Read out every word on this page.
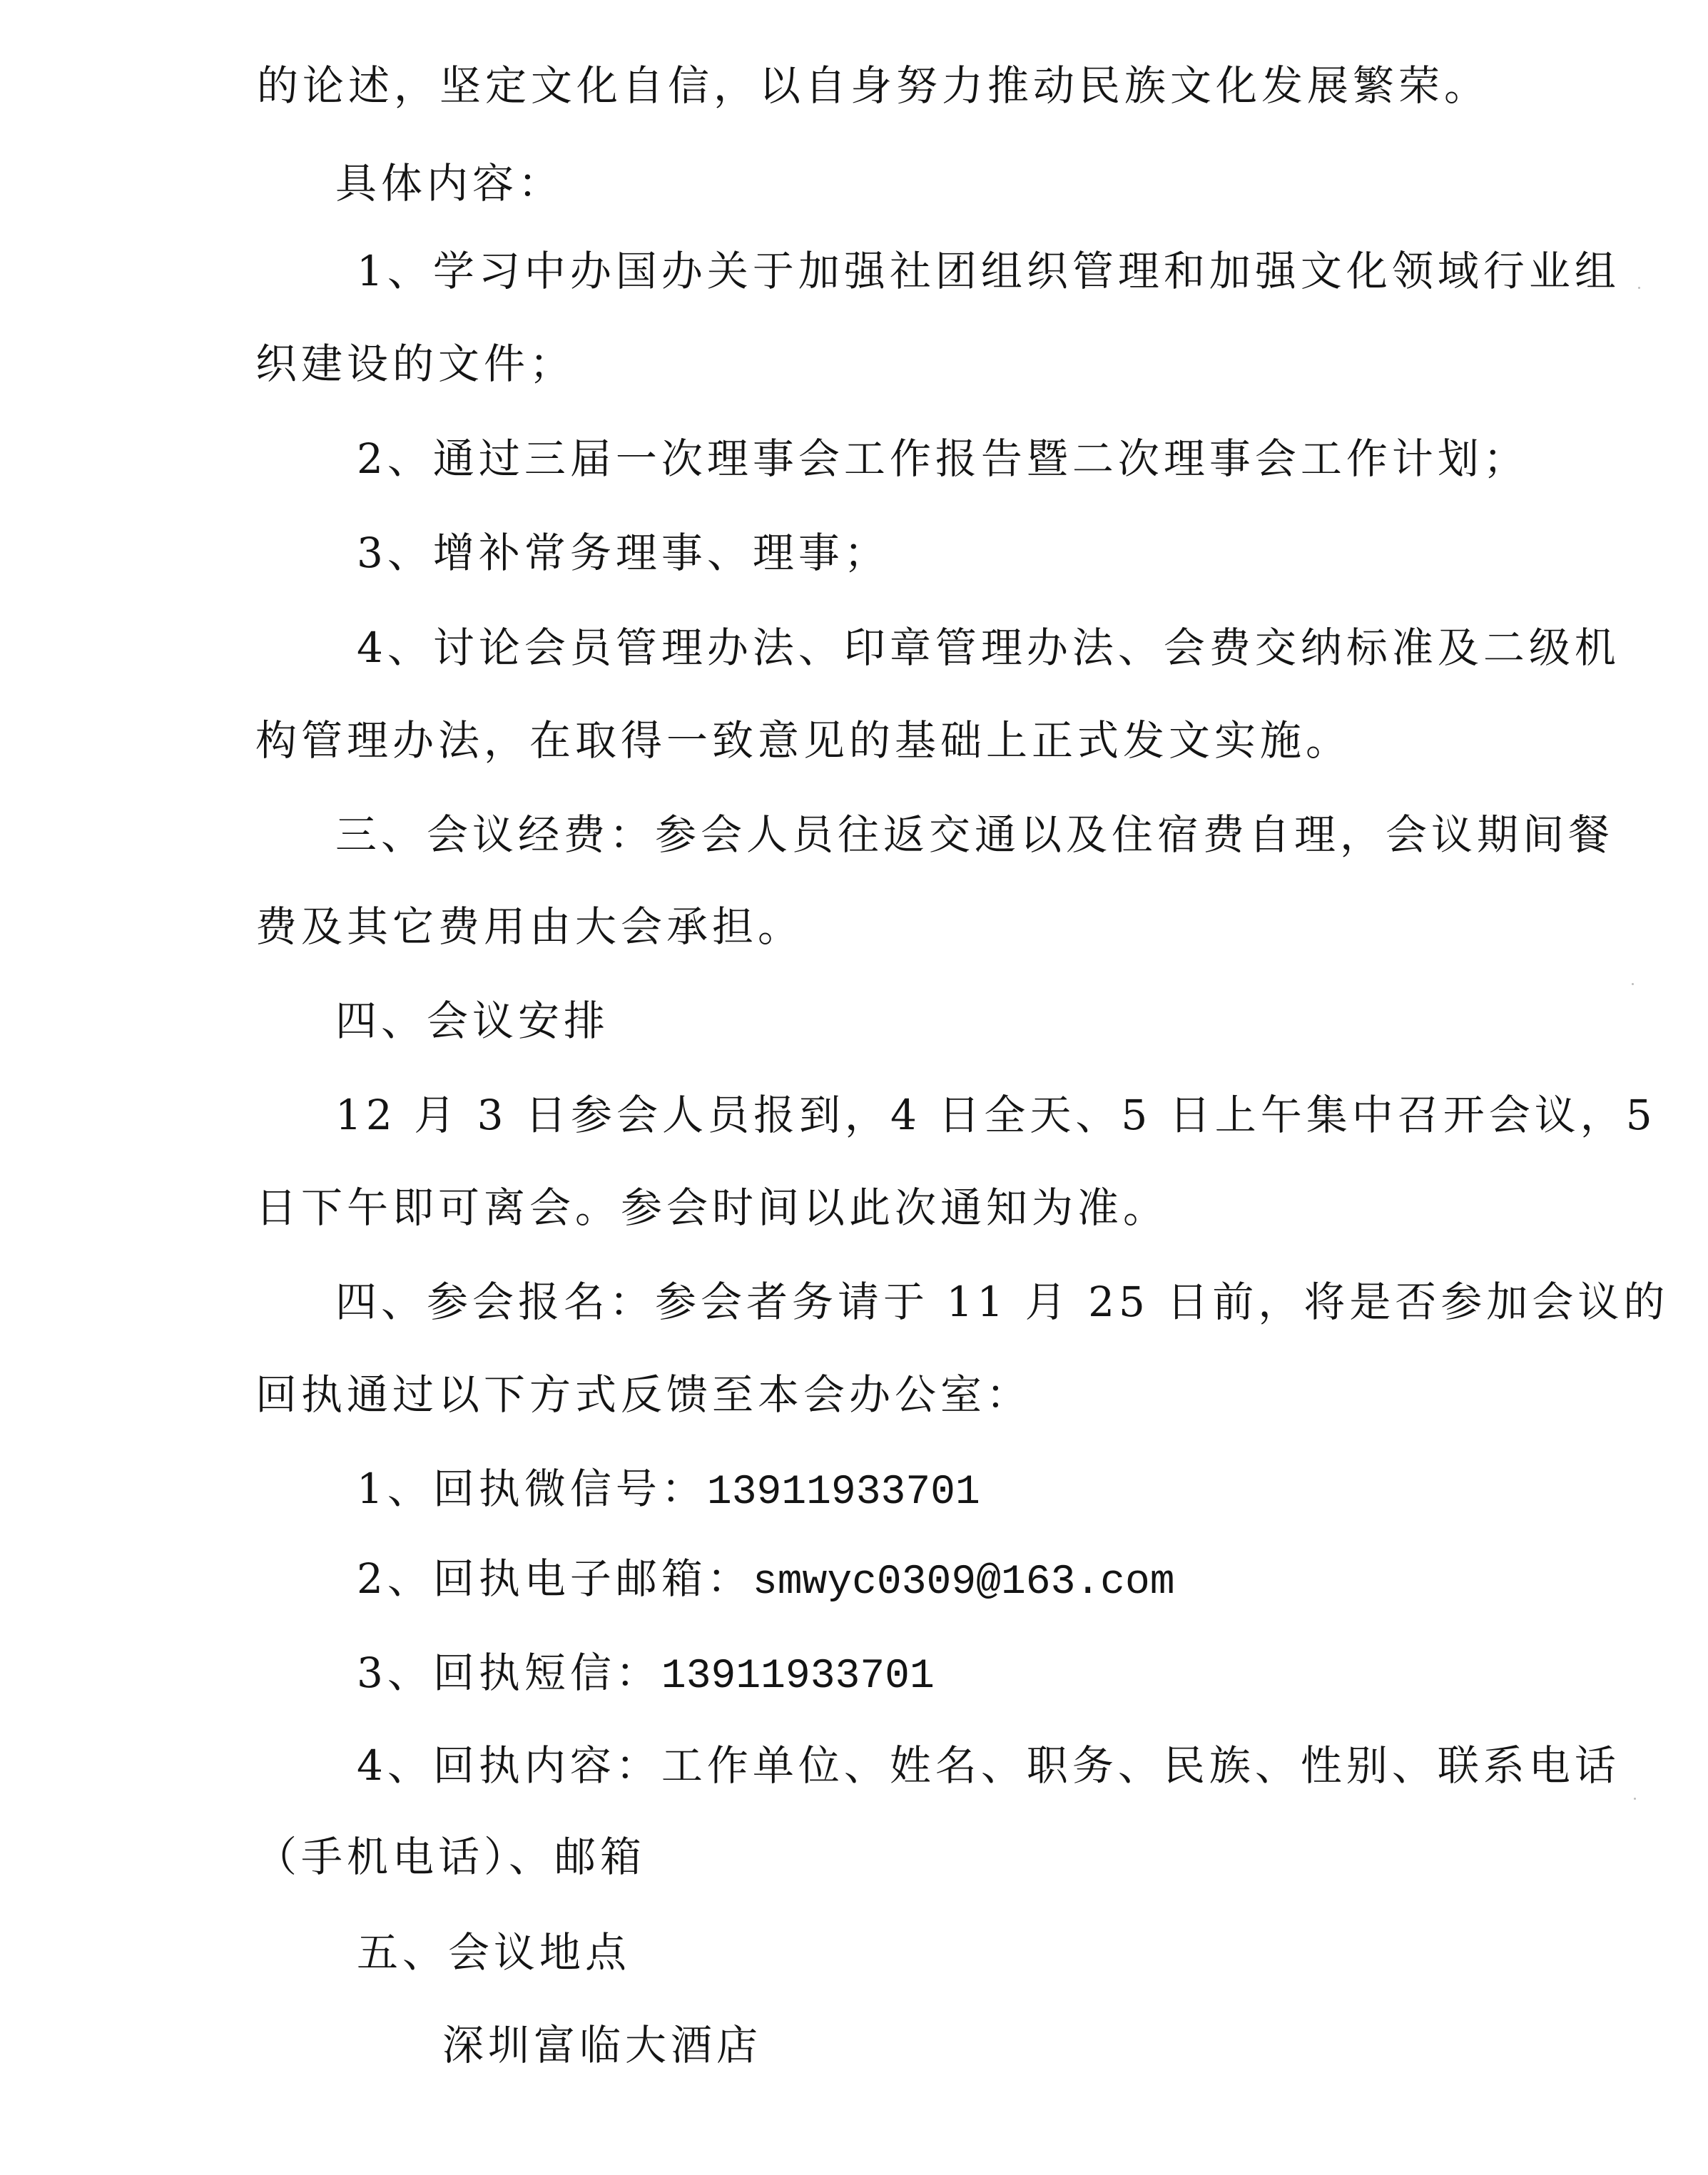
的论述，坚定文化自信，以自身努力推动民族文化发展繁荣。
具体内容：
1、学习中办国办关于加强社团组织管理和加强文化领域行业组
织建设的文件；
2、通过三届一次理事会工作报告暨二次理事会工作计划；
3、增补常务理事、理事；
4、讨论会员管理办法、印章管理办法、会费交纳标准及二级机
构管理办法，在取得一致意见的基础上正式发文实施。
三、会议经费：参会人员往返交通以及住宿费自理，会议期间餐
费及其它费用由大会承担。
四、会议安排
12 月 3 日参会人员报到，4 日全天、5 日上午集中召开会议，5
日下午即可离会。参会时间以此次通知为准。
四、参会报名：参会者务请于 11 月 25 日前，将是否参加会议的
回执通过以下方式反馈至本会办公室：
1、回执微信号：13911933701
2、回执电子邮箱：smwyc0309@163.com
3、回执短信：13911933701
4、回执内容：工作单位、姓名、职务、民族、性别、联系电话
（手机电话）、邮箱
五、会议地点
深圳富临大酒店
